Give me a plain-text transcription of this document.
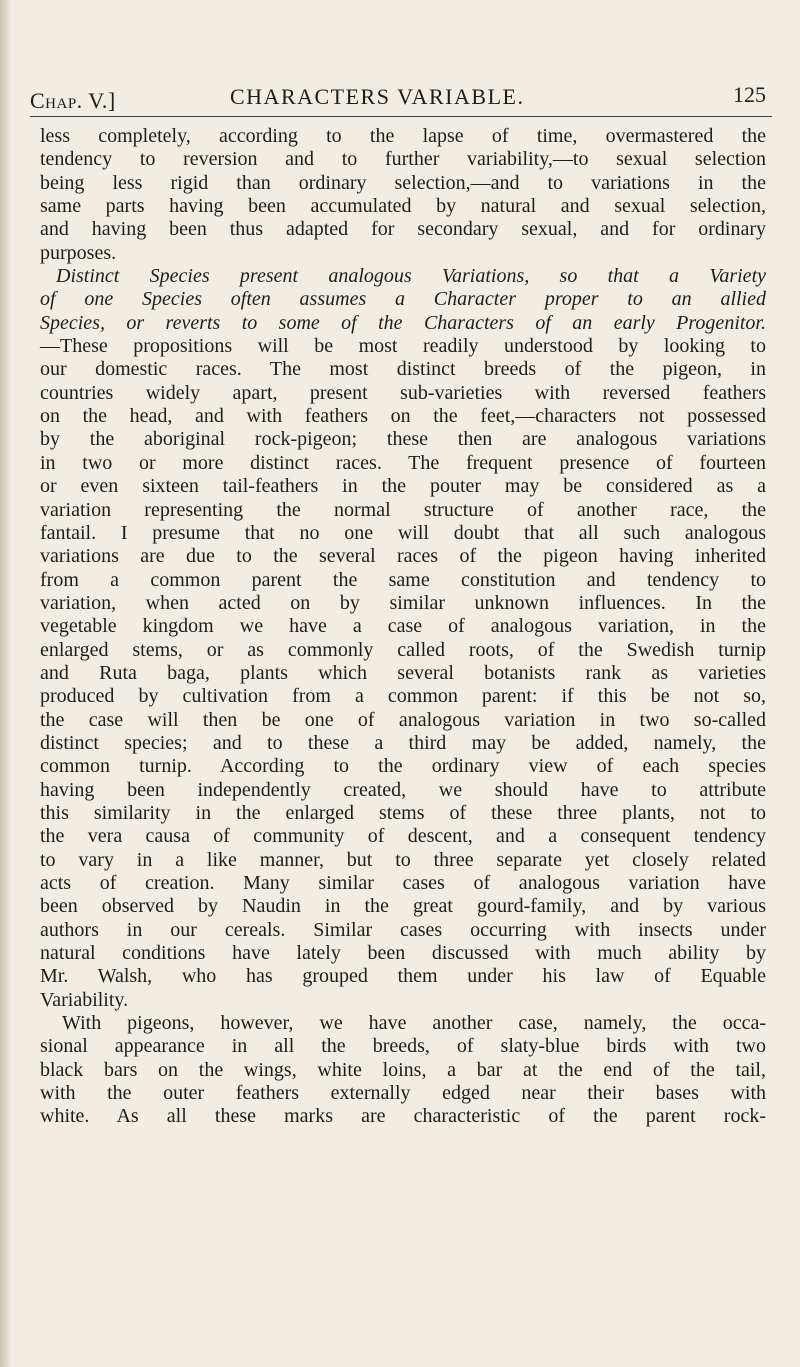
Chap. V.]	CHARACTERS VARIABLE.	125
less completely, according to the lapse of time, overmastered the
tendency to reversion and to further variability,—to sexual selection
being less rigid than ordinary selection,—and to variations in the
same parts having been accumulated by natural and sexual selection,
and having been thus adapted for secondary sexual, and for ordinary
purposes.
Distinct Species present analogous Variations, so that a Variety
of one Species often assumes a Character proper to an allied
Species, or reverts to some of the Characters of an early Progenitor.
—These propositions will be most readily understood by looking to
our domestic races. The most distinct breeds of the pigeon, in
countries widely apart, present sub-varieties with reversed feathers
on the head, and with feathers on the feet,—characters not possessed
by the aboriginal rock-pigeon; these then are analogous variations
in two or more distinct races. The frequent presence of fourteen
or even sixteen tail-feathers in the pouter may be considered as a
variation representing the normal structure of another race, the
fantail. I presume that no one will doubt that all such analogous
variations are due to the several races of the pigeon having inherited
from a common parent the same constitution and tendency to
variation, when acted on by similar unknown influences. In the
vegetable kingdom we have a case of analogous variation, in the
enlarged stems, or as commonly called roots, of the Swedish turnip
and Ruta baga, plants which several botanists rank as varieties
produced by cultivation from a common parent: if this be not so,
the case will then be one of analogous variation in two so-called
distinct species; and to these a third may be added, namely, the
common turnip. According to the ordinary view of each species
having been independently created, we should have to attribute
this similarity in the enlarged stems of these three plants, not to
the vera causa of community of descent, and a consequent tendency
to vary in a like manner, but to three separate yet closely related
acts of creation. Many similar cases of analogous variation have
been observed by Naudin in the great gourd-family, and by various
authors in our cereals. Similar cases occurring with insects under
natural conditions have lately been discussed with much ability by
Mr. Walsh, who has grouped them under his law of Equable
Variability.
With pigeons, however, we have another case, namely, the occa-
sional appearance in all the breeds, of slaty-blue birds with two
black bars on the wings, white loins, a bar at the end of the tail,
with the outer feathers externally edged near their bases with
white. As all these marks are characteristic of the parent rock-
